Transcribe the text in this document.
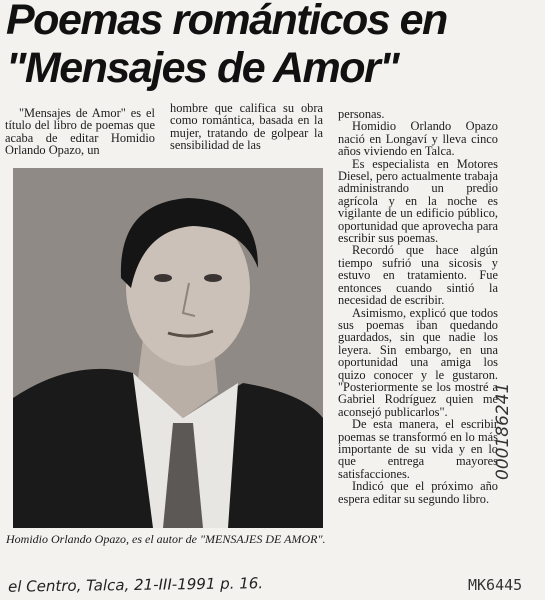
Poemas románticos en
"Mensajes de Amor"

"Mensajes de Amor" es el título del libro de poemas que acaba de editar Homidio Orlando Opazo, un

hombre que califica su obra como romántica, basada en la mujer, tratando de golpear la sensibilidad de las

personas.

Homidio Orlando Opazo nació en Longaví y lleva cinco años viviendo en Talca.

Es especialista en Motores Diesel, pero actualmente trabaja administrando un predio agrícola y en la noche es vigilante de un edificio público, oportunidad que aprovecha para escribir sus poemas.

Recordó que hace algún tiempo sufrió una sicosis y estuvo en tratamiento. Fue entonces cuando sintió la necesidad de escribir.

Asimismo, explicó que todos sus poemas iban quedando guardados, sin que nadie los leyera. Sin embargo, en una oportunidad una amiga los quizo conocer y le gustaron. "Posteriormente se los mostré a Gabriel Rodríguez quien me aconsejó publicarlos".

De esta manera, el escribir poemas se transformó en lo más importante de su vida y en lo que entrega mayores satisfacciones.

Indicó que el próximo año espera editar su segundo libro.

Homidio Orlando Opazo, es el autor de "MENSAJES DE AMOR".
el Centro, Talca, 21-III-1991 p. 16.	MK6445
000186241
